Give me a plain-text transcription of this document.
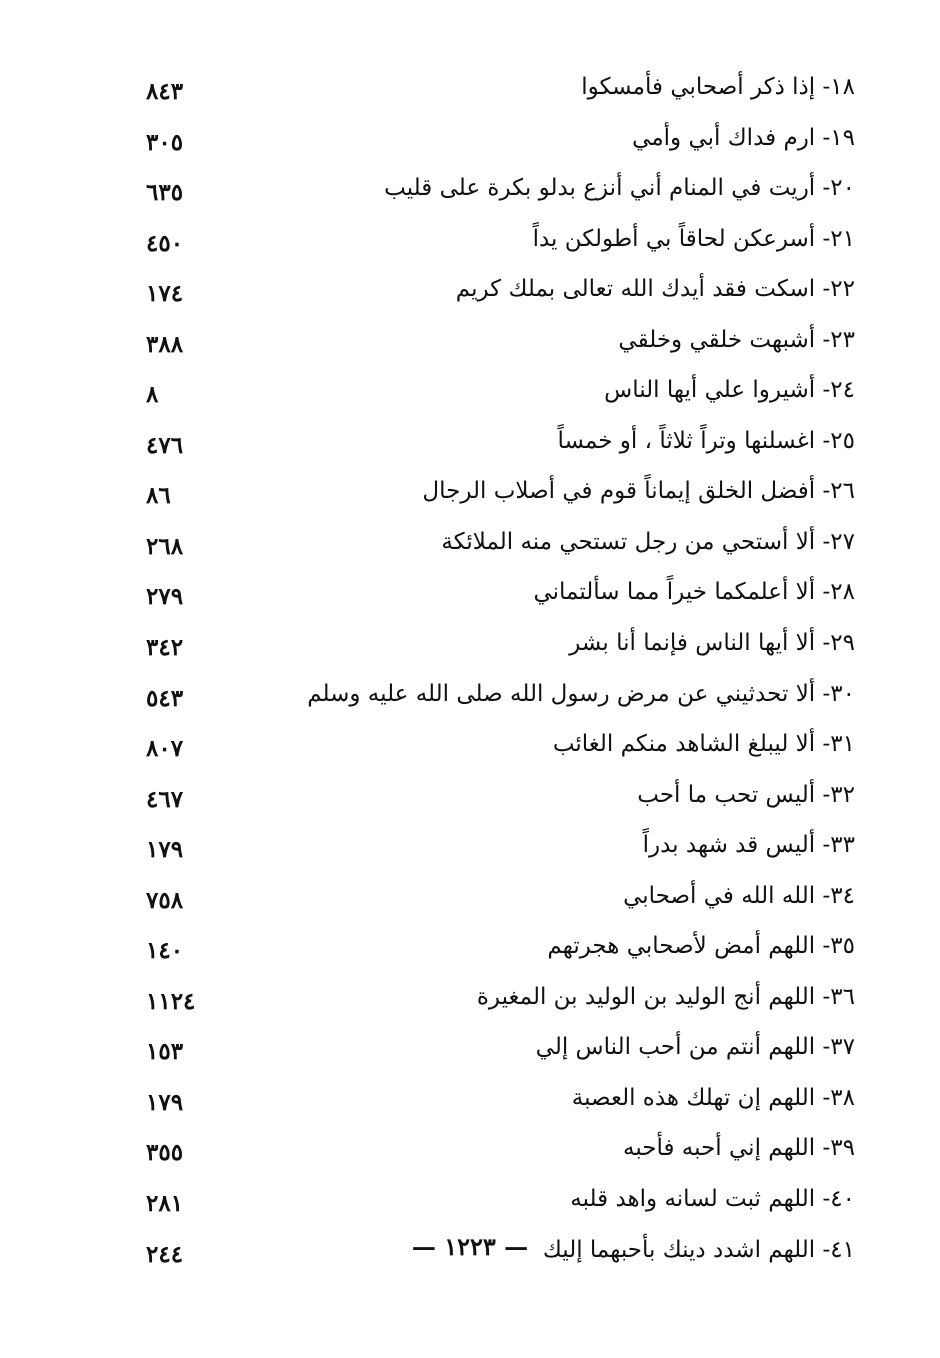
٨٤٣	١٨- إذا ذكر أصحابي فأمسكوا
٣٠٥	١٩- ارم فداك أبي وأمي
٦٣٥	٢٠- أريت في المنام أني أنزع بدلو بكرة على قليب
٤٥٠	٢١- أسرعكن لحاقاً بي أطولكن يداً
١٧٤	٢٢- اسكت فقد أيدك الله تعالى بملك كريم
٣٨٨	٢٣- أشبهت خلقي وخلقي
٨	٢٤- أشيروا علي أيها الناس
٤٧٦	٢٥- اغسلنها وتراً ثلاثاً ، أو خمساً
٨٦	٢٦- أفضل الخلق إيماناً قوم في أصلاب الرجال
٢٦٨	٢٧- ألا أستحي من رجل تستحي منه الملائكة
٢٧٩	٢٨- ألا أعلمكما خيراً مما سألتماني
٣٤٢	٢٩- ألا أيها الناس فإنما أنا بشر
٥٤٣	٣٠- ألا تحدثيني عن مرض رسول الله صلى الله عليه وسلم
٨٠٧	٣١- ألا ليبلغ الشاهد منكم الغائب
٤٦٧	٣٢- أليس تحب ما أحب
١٧٩	٣٣- أليس قد شهد بدراً
٧٥٨	٣٤- الله الله في أصحابي
١٤٠	٣٥- اللهم أمض لأصحابي هجرتهم
١١٢٤	٣٦- اللهم أنج الوليد بن الوليد بن المغيرة
١٥٣	٣٧- اللهم أنتم من أحب الناس إلي
١٧٩	٣٨- اللهم إن تهلك هذه العصبة
٣٥٥	٣٩- اللهم إني أحبه فأحبه
٢٨١	٤٠- اللهم ثبت لسانه واهد قلبه
٢٤٤	٤١- اللهم اشدد دينك بأحبهما إليك
— ١٢٢٣ —
